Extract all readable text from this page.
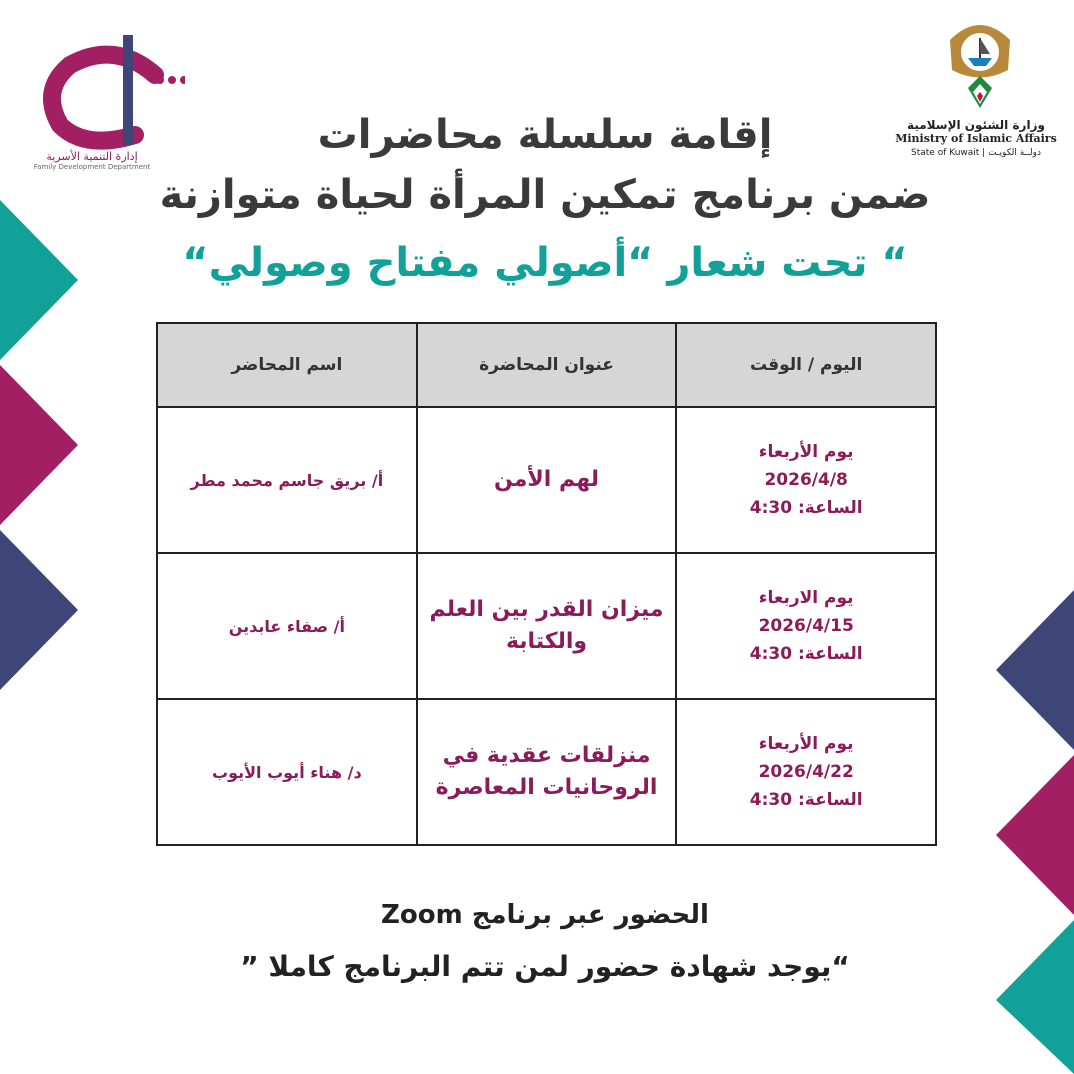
وزارة الشئون الإسلامية
Ministry of Islamic Affairs
State of Kuwait | دولــة الكويـت
إدارة التنمية الأسرية
Family Development Department
إقامة سلسلة محاضرات
ضمن برنامج تمكين المرأة لحياة متوازنة
“ تحت شعار “أصولي مفتاح وصولي“
اليوم / الوقت	عنوان المحاضرة	اسم المحاضر

يوم الأربعاء
2026/4/8
الساعة: 4:30	لهم الأمن	أ/ بريق جاسم محمد مطر

يوم الاربعاء
2026/4/15
الساعة: 4:30	ميزان القدر بين العلم والكتابة	أ/ صفاء عابدين

يوم الأربعاء
2026/4/22
الساعة: 4:30	منزلقات عقدية في الروحانيات المعاصرة	د/ هناء أيوب الأيوب
الحضور عبر برنامج Zoom
“يوجد شهادة حضور لمن تتم البرنامج كاملا ”
